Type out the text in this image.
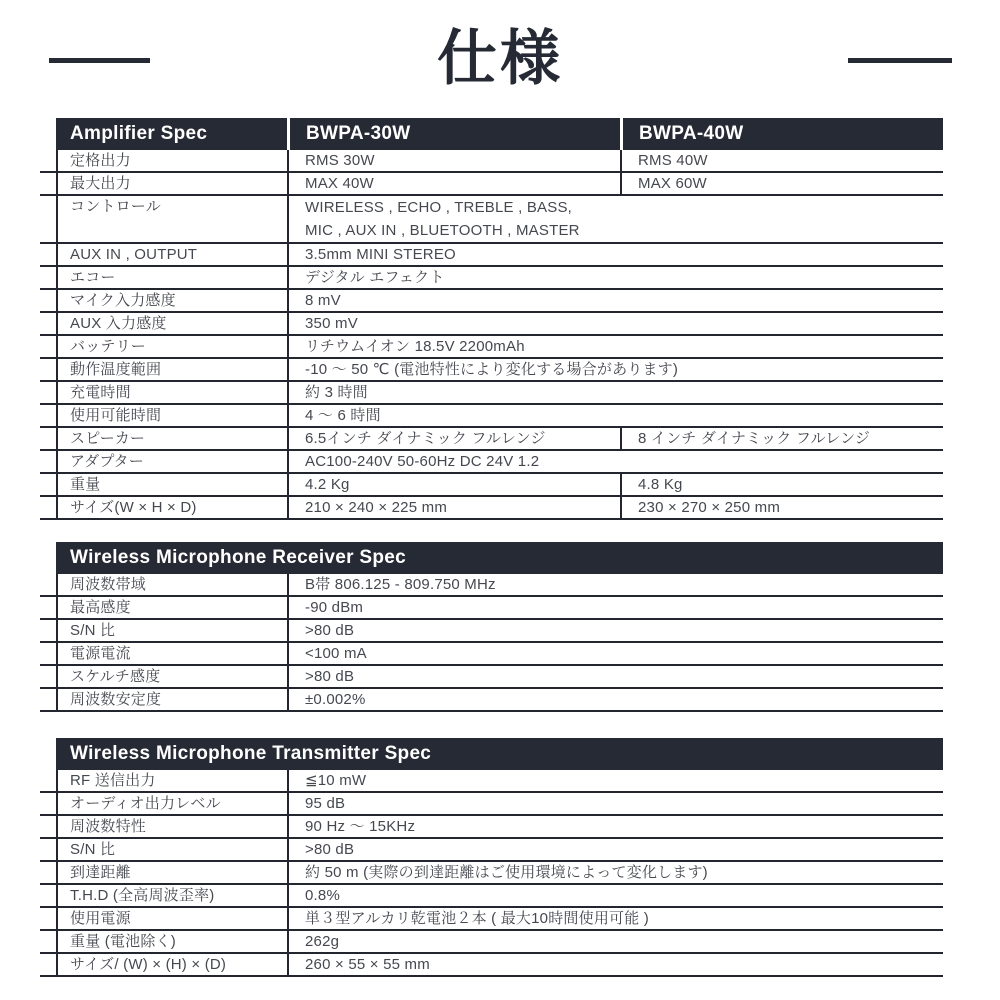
仕様
Amplifier Spec	BWPA-30W	BWPA-40W
定格出力	RMS 30W	RMS 40W
最大出力	MAX 40W	MAX 60W
コントロール	WIRELESS , ECHO , TREBLE , BASS,
MIC , AUX IN , BLUETOOTH , MASTER
AUX IN , OUTPUT	3.5mm MINI STEREO
エコー	デジタル エフェクト
マイク入力感度	8 mV
AUX 入力感度	350 mV
バッテリー	リチウムイオン 18.5V 2200mAh
動作温度範囲	-10 ～ 50 ℃ (電池特性により変化する場合があります)
充電時間	約 3 時間
使用可能時間	4 ～ 6 時間
スピーカー	6.5インチ ダイナミック フルレンジ	8 インチ ダイナミック フルレンジ
アダプター	AC100-240V 50-60Hz DC 24V 1.2
重量	4.2 Kg	4.8 Kg
サイズ(W × H × D)	210 × 240 × 225 mm	230 × 270 × 250 mm
Wireless Microphone Receiver Spec
周波数帯域	B帯 806.125 - 809.750 MHz
最高感度	-90 dBm
S/N 比	>80 dB
電源電流	<100 mA
スケルチ感度	>80 dB
周波数安定度	±0.002%
Wireless Microphone Transmitter Spec
RF 送信出力	≦10 mW
オーディオ出力レベル	95 dB
周波数特性	90 Hz ～ 15KHz
S/N 比	>80 dB
到達距離	約 50 m (実際の到達距離はご使用環境によって変化します)
T.H.D (全高周波歪率)	0.8%
使用電源	単３型アルカリ乾電池２本 ( 最大10時間使用可能 )
重量 (電池除く)	262g
サイズ/ (W) × (H) × (D)	260 × 55 × 55 mm
